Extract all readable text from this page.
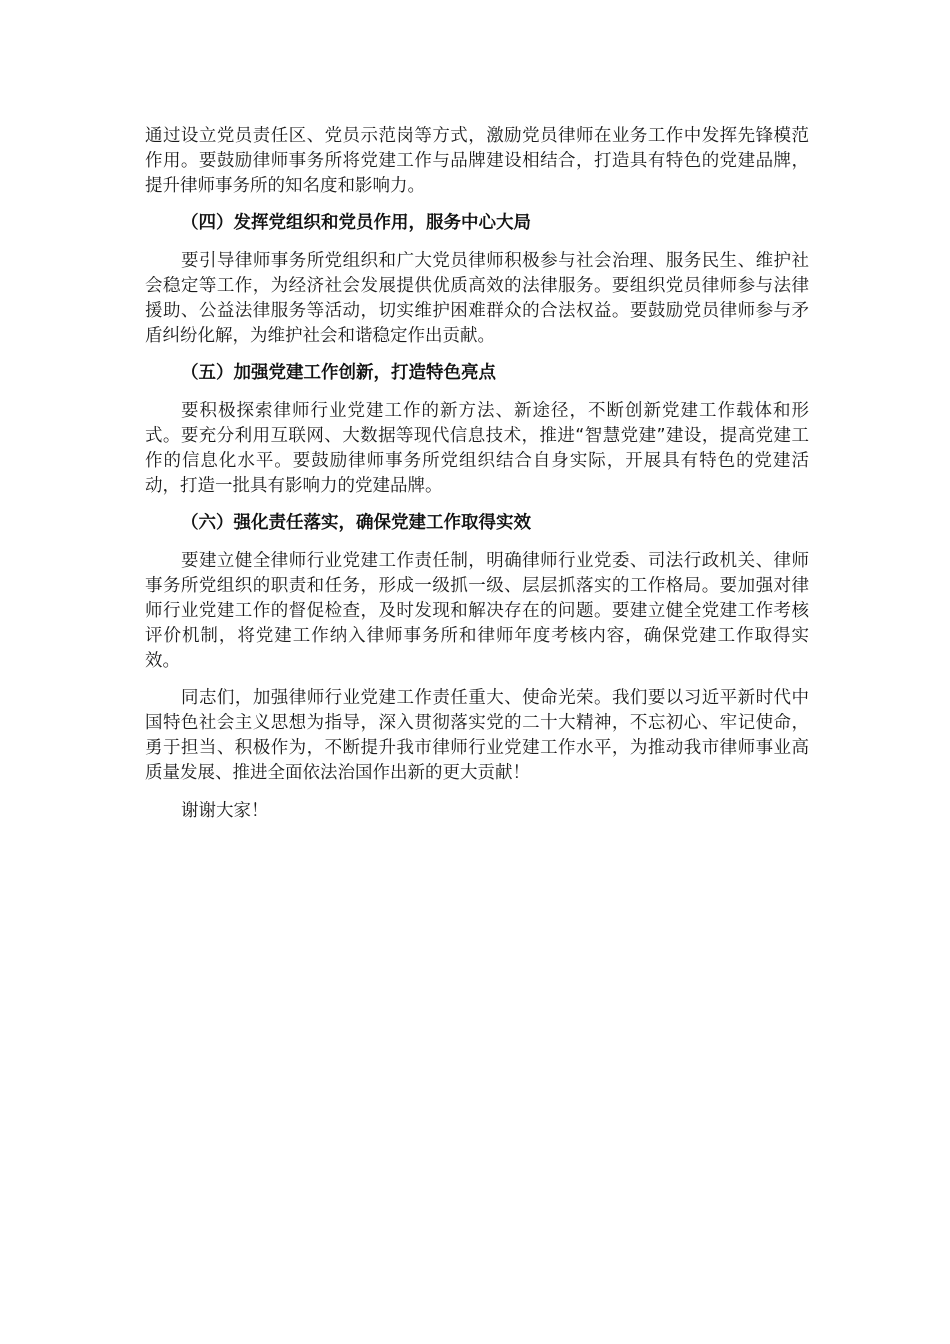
通过设立党员责任区、党员示范岗等方式，激励党员律师在业务工作中发挥先锋模范作用。要鼓励律师事务所将党建工作与品牌建设相结合，打造具有特色的党建品牌，提升律师事务所的知名度和影响力。

（四）发挥党组织和党员作用，服务中心大局

要引导律师事务所党组织和广大党员律师积极参与社会治理、服务民生、维护社会稳定等工作，为经济社会发展提供优质高效的法律服务。要组织党员律师参与法律援助、公益法律服务等活动，切实维护困难群众的合法权益。要鼓励党员律师参与矛盾纠纷化解，为维护社会和谐稳定作出贡献。

（五）加强党建工作创新，打造特色亮点

要积极探索律师行业党建工作的新方法、新途径，不断创新党建工作载体和形式。要充分利用互联网、大数据等现代信息技术，推进“智慧党建”建设，提高党建工作的信息化水平。要鼓励律师事务所党组织结合自身实际，开展具有特色的党建活动，打造一批具有影响力的党建品牌。

（六）强化责任落实，确保党建工作取得实效

要建立健全律师行业党建工作责任制，明确律师行业党委、司法行政机关、律师事务所党组织的职责和任务，形成一级抓一级、层层抓落实的工作格局。要加强对律师行业党建工作的督促检查，及时发现和解决存在的问题。要建立健全党建工作考核评价机制，将党建工作纳入律师事务所和律师年度考核内容，确保党建工作取得实效。

同志们，加强律师行业党建工作责任重大、使命光荣。我们要以习近平新时代中国特色社会主义思想为指导，深入贯彻落实党的二十大精神，不忘初心、牢记使命，勇于担当、积极作为，不断提升我市律师行业党建工作水平，为推动我市律师事业高质量发展、推进全面依法治国作出新的更大贡献！

谢谢大家！
